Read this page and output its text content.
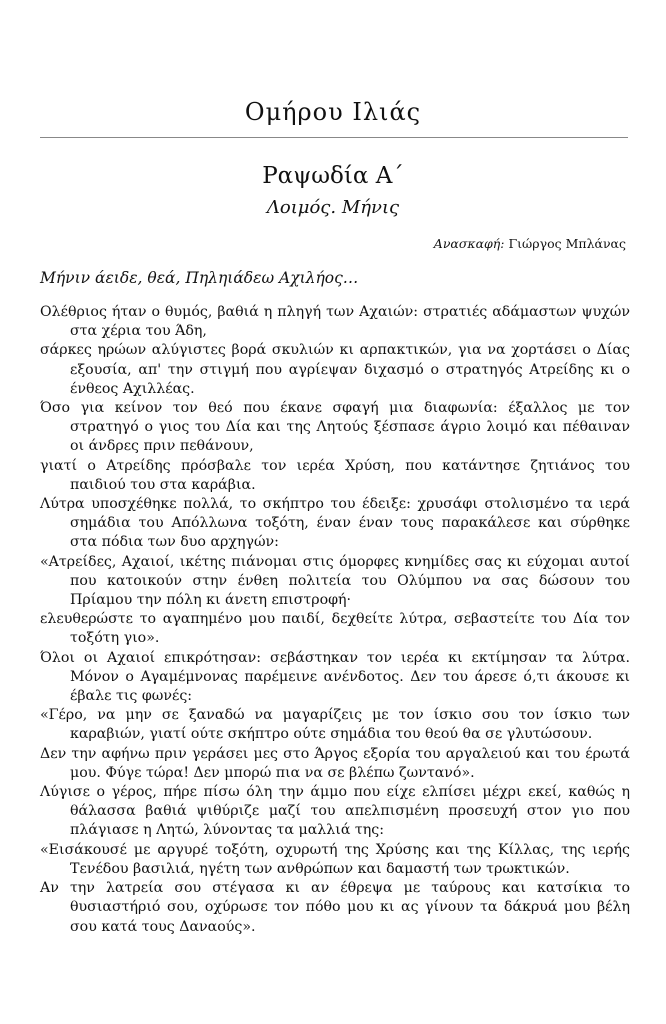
Ομήρου Ιλιάς
Ραψωδία Α΄
Λοιμός. Μήνις
Ανασκαφή: Γιώργος Μπλάνας
Μήνιν άειδε, θεά, Πηληιάδεω Αχιλήος…

Ολέθριος ήταν ο θυμός, βαθιά η πληγή των Αχαιών: στρατιές αδάμαστων ψυχών στα χέρια του Άδη,

σάρκες ηρώων αλύγιστες βορά σκυλιών κι αρπακτικών, για να χορτάσει ο Δίας εξουσία, απ' την στιγμή που αγρίεψαν διχασμό ο στρατηγός Ατρείδης κι ο ένθεος Αχιλλέας.

Όσο για κείνον τον θεό που έκανε σφαγή μια διαφωνία: έξαλλος με τον στρατηγό ο γιος του Δία και της Λητούς ξέσπασε άγριο λοιμό και πέθαιναν οι άνδρες πριν πεθάνουν,

γιατί ο Ατρείδης πρόσβαλε τον ιερέα Χρύση, που κατάντησε ζητιάνος του παιδιού του στα καράβια.

Λύτρα υποσχέθηκε πολλά, το σκήπτρο του έδειξε: χρυσάφι στολισμένο τα ιερά σημάδια του Απόλλωνα τοξότη, έναν έναν τους παρακάλεσε και σύρθηκε στα πόδια των δυο αρχηγών:

«Ατρείδες, Αχαιοί, ικέτης πιάνομαι στις όμορφες κνημίδες σας κι εύχομαι αυτοί που κατοικούν στην ένθεη πολιτεία του Ολύμπου να σας δώσουν του Πρίαμου την πόλη κι άνετη επιστροφή·

ελευθερώστε το αγαπημένο μου παιδί, δεχθείτε λύτρα, σεβαστείτε του Δία τον τοξότη γιο».

Όλοι οι Αχαιοί επικρότησαν: σεβάστηκαν τον ιερέα κι εκτίμησαν τα λύτρα. Μόνον ο Αγαμέμνονας παρέμεινε ανένδοτος. Δεν του άρεσε ό,τι άκουσε κι έβαλε τις φωνές:

«Γέρο, να μην σε ξαναδώ να μαγαρίζεις με τον ίσκιο σου τον ίσκιο των καραβιών, γιατί ούτε σκήπτρο ούτε σημάδια του θεού θα σε γλυτώσουν.

Δεν την αφήνω πριν γεράσει μες στο Άργος εξορία του αργαλειού και του έρωτά μου. Φύγε τώρα! Δεν μπορώ πια να σε βλέπω ζωντανό».

Λύγισε ο γέρος, πήρε πίσω όλη την άμμο που είχε ελπίσει μέχρι εκεί, καθώς η θάλασσα βαθιά ψιθύριζε μαζί του απελπισμένη προσευχή στον γιο που πλάγιασε η Λητώ, λύνοντας τα μαλλιά της:

«Εισάκουσέ με αργυρέ τοξότη, οχυρωτή της Χρύσης και της Κίλλας, της ιερής Τενέδου βασιλιά, ηγέτη των ανθρώπων και δαμαστή των τρωκτικών.

Αν την λατρεία σου στέγασα κι αν έθρεψα με ταύρους και κατσίκια το θυσιαστήριό σου, οχύρωσε τον πόθο μου κι ας γίνουν τα δάκρυά μου βέλη σου κατά τους Δαναούς».
